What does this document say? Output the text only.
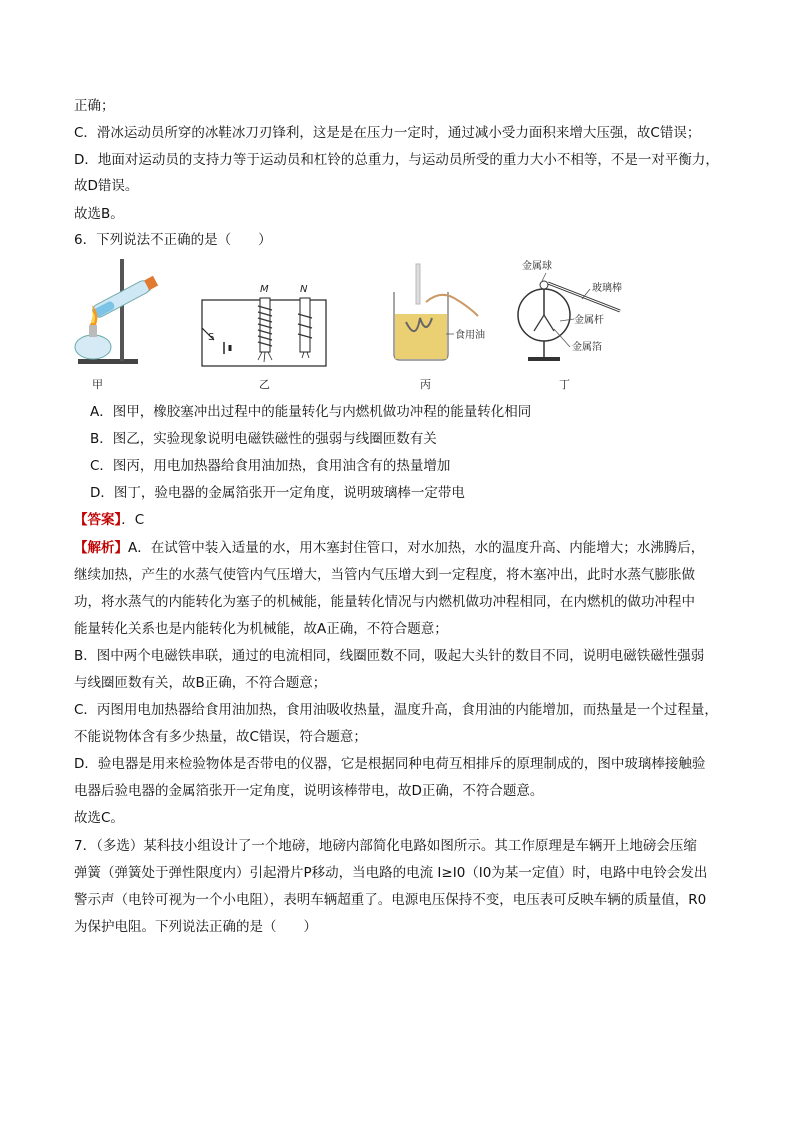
正确；
C．滑冰运动员所穿的冰鞋冰刀刃锋利，这是是在压力一定时，通过减小受力面积来增大压强，故C错误；
D．地面对运动员的支持力等于运动员和杠铃的总重力，与运动员所受的重力大小不相等，不是一对平衡力，
故D错误。
故选B。
6．下列说法不正确的是（　　）
甲
M	N
S
乙
食用油
丙
金属球
玻璃棒
金属杆
金属箔
丁
A．图甲，橡胶塞冲出过程中的能量转化与内燃机做功冲程的能量转化相同
B．图乙，实验现象说明电磁铁磁性的强弱与线圈匝数有关
C．图丙，用电加热器给食用油加热，食用油含有的热量增加
D．图丁，验电器的金属箔张开一定角度，说明玻璃棒一定带电
【答案】．C
【解析】A．在试管中装入适量的水，用木塞封住管口，对水加热，水的温度升高、内能增大；水沸腾后，
继续加热，产生的水蒸气使管内气压增大，当管内气压增大到一定程度，将木塞冲出，此时水蒸气膨胀做
功，将水蒸气的内能转化为塞子的机械能，能量转化情况与内燃机做功冲程相同，在内燃机的做功冲程中
能量转化关系也是内能转化为机械能，故A正确，不符合题意；
B．图中两个电磁铁串联，通过的电流相同，线圈匝数不同，吸起大头针的数目不同，说明电磁铁磁性强弱
与线圈匝数有关，故B正确，不符合题意；
C．丙图用电加热器给食用油加热，食用油吸收热量，温度升高，食用油的内能增加，而热量是一个过程量，
不能说物体含有多少热量，故C错误，符合题意；
D．验电器是用来检验物体是否带电的仪器，它是根据同种电荷互相排斥的原理制成的，图中玻璃棒接触验
电器后验电器的金属箔张开一定角度，说明该棒带电，故D正确，不符合题意。
故选C。
7．（多选）某科技小组设计了一个地磅，地磅内部简化电路如图所示。其工作原理是车辆开上地磅会压缩
弹簧（弹簧处于弹性限度内）引起滑片P移动，当电路的电流 I≥I0（I0为某一定值）时，电路中电铃会发出
警示声（电铃可视为一个小电阻），表明车辆超重了。电源电压保持不变，电压表可反映车辆的质量值，R0
为保护电阻。下列说法正确的是（　　）
